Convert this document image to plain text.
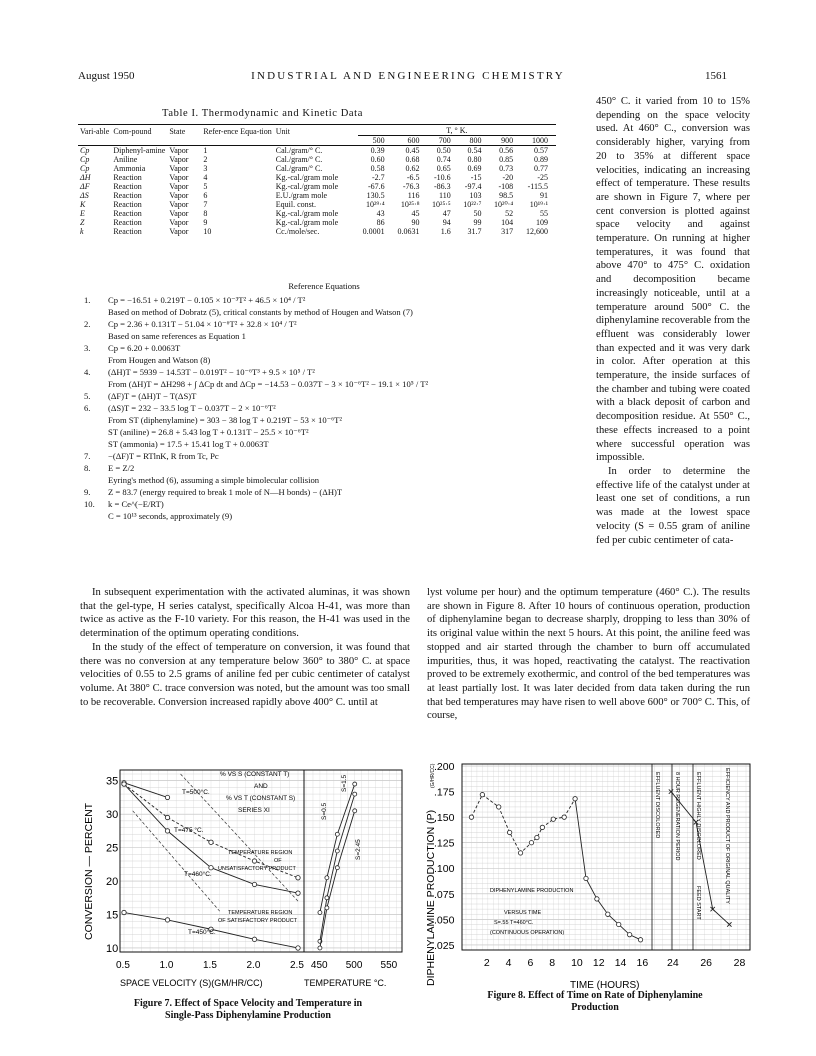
August 1950	INDUSTRIAL AND ENGINEERING CHEMISTRY	1561
Table I. Thermodynamic and Kinetic Data
Vari-able	Com-pound	State	Refer-ence Equa-tion	Unit	T, ° K.					
					500	600	700	800	900	1000
Cp	Diphenyl-amine	Vapor	1	Cal./gram/° C.	0.39	0.45	0.50	0.54	0.56	0.57
Cp	Aniline	Vapor	2	Cal./gram/° C.	0.60	0.68	0.74	0.80	0.85	0.89
Cp	Ammonia	Vapor	3	Cal./gram/° C.	0.58	0.62	0.65	0.69	0.73	0.77
ΔH	Reaction	Vapor	4	Kg.-cal./gram mole	-2.7	-6.5	-10.6	-15	-20	-25
ΔF	Reaction	Vapor	5	Kg.-cal./gram mole	-67.6	-76.3	-86.3	-97.4	-108	-115.5
ΔS	Reaction	Vapor	6	E.U./gram mole	130.5	116	110	103	98.5	91
K	Reaction	Vapor	7	Equil. const.	10²⁹·⁴	10²⁵·⁸	10²⁵·⁵	10²²·⁷	10²⁰·⁴	10¹⁹·¹
E	Reaction	Vapor	8	Kg.-cal./gram mole	43	45	47	50	52	55
Z	Reaction	Vapor	9	Kg.-cal./gram mole	86	90	94	99	104	109
k	Reaction	Vapor	10	Cc./mole/sec.	0.0001	0.0631	1.6	31.7	317	12,600
Reference Equations
1. Cp = −16.51 + 0.219T − 0.105 × 10⁻³T² + 46.5 × 10⁴ / T²
Based on method of Dobratz (5), critical constants by method of Hougen and Watson (7)
2. Cp = 2.36 + 0.131T − 51.04 × 10⁻⁶T² + 32.8 × 10⁴ / T²
Based on same references as Equation 1
3. Cp = 6.20 + 0.0063T
From Hougen and Watson (8)
4. (ΔH)T = 5939 − 14.53T − 0.019T² − 10⁻⁶T³ + 9.5 × 10⁵ / T²
From (ΔH)T = ΔH298 + ∫ ΔCp dt and ΔCp = −14.53 − 0.037T − 3 × 10⁻⁶T² − 19.1 × 10⁵ / T²
5. (ΔF)T = (ΔH)T − T(ΔS)T
6. (ΔS)T = 232 − 33.5 log T − 0.037T − 2 × 10⁻⁶T²
From ST (diphenylamine) = 303 − 38 log T + 0.219T − 53 × 10⁻⁶T²
ST (aniline) = 26.8 + 5.43 log T + 0.131T − 25.5 × 10⁻⁶T²
ST (ammonia) = 17.5 + 15.41 log T + 0.0063T
7. −(ΔF)T = RTlnK, R from Tc, Pc
8. E = Z/2
Eyring's method (6), assuming a simple bimolecular collision
9. Z = 83.7 (energy required to break 1 mole of N—H bonds) − (ΔH)T
10. k = Ce^(−E/RT)
C = 10¹³ seconds, approximately (9)

450° C. it varied from 10 to 15% depending on the space velocity used. At 460° C., conversion was considerably higher, varying from 20 to 35% at different space velocities, indicating an increasing effect of temperature. These results are shown in Figure 7, where per cent conversion is plotted against space velocity and against temperature. On running at higher temperatures, it was found that above 470° to 475° C. oxidation and decomposition became increasingly noticeable, until at a temperature around 500° C. the diphenylamine recoverable from the effluent was considerably lower than expected and it was very dark in color. After operation at this temperature, the inside surfaces of the chamber and tubing were coated with a black deposit of carbon and decomposition residue. At 550° C., these effects increased to a point where successful operation was impossible.

In order to determine the effective life of the catalyst under at least one set of conditions, a run was made at the lowest space velocity (S = 0.55 gram of aniline fed per cubic centimeter of cata-

In subsequent experimentation with the activated aluminas, it was shown that the gel-type, H series catalyst, specifically Alcoa H-41, was more than twice as active as the F-10 variety. For this reason, the H-41 was used in the determination of the optimum operating conditions.

In the study of the effect of temperature on conversion, it was found that there was no conversion at any temperature below 360° to 380° C. at space velocities of 0.55 to 2.5 grams of aniline fed per cubic centimeter of catalyst volume. At 380° C. trace conversion was noted, but the amount was too small to be recoverable. Conversion increased rapidly above 400° C. until at

lyst volume per hour) and the optimum temperature (460° C.). The results are shown in Figure 8. After 10 hours of continuous operation, production of diphenylamine began to decrease sharply, dropping to less than 30% of its original value within the next 5 hours. At this point, the aniline feed was stopped and air started through the chamber to burn off accumulated impurities, thus, it was hoped, reactivating the catalyst. The reactivation proved to be extremely exothermic, and control of the bed temperatures was at least partially lost. It was later decided from data taken during the run that bed temperatures may have risen to well above 600° or 700° C. This, of course,

10
15
20
25
30
35
0.5	1.0	1.5	2.0	2.5 450 500 550
CONVERSION — PERCENT
SPACE VELOCITY (S)(GM/HR/CC)	TEMPERATURE °C.
% VS S (CONSTANT T)
AND
% VS T (CONSTANT S)
SERIES XI
T=500°C.
T=475 °C.
T=460°C.
T=450°C.
S=0.5
S=1.5
S=2.45
TEMPERATURE REGION
OF
UNSATISFACTORY PRODUCT
TEMPERATURE REGION
OF SATISFACTORY PRODUCT
Figure 7. Effect of Space Velocity and Temperature in
Single-Pass Diphenylamine Production
.025
.050
.075
.100
.125
.150
.175
.200
2 4 6 8 10 12 14 16 24 26 28
DIPHENYLAMINE PRODUCTION (P)
(G/HR/CC)
TIME (HOURS)
DIPHENYLAMINE PRODUCTION
VERSUS TIME
S=.55 T=460°C.
(CONTINUOUS OPERATION)
EFFLUENT DISCOLORED	8 HOUR REGENERATION PERIOD	EFFLUENT HIGHLY DISCOLORED	EFFICIENCY AND PRODUCT OF ORIGINAL QUALITY
FEED START
Figure 8. Effect of Time on Rate of Diphenylamine
Production
